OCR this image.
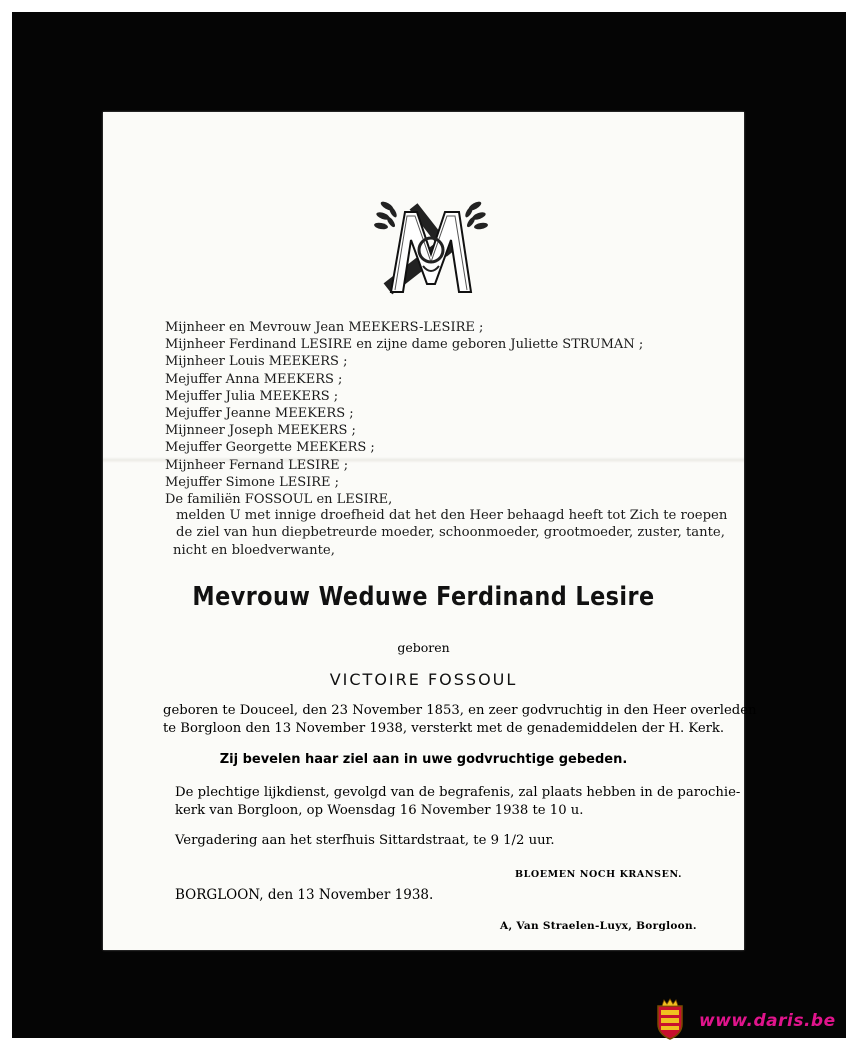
Mijnheer en Mevrouw Jean MEEKERS-LESIRE ;
Mijnheer Ferdinand LESIRE en zijne dame geboren Juliette STRUMAN ;
Mijnheer Louis MEEKERS ;
Mejuffer Anna MEEKERS ;
Mejuffer Julia MEEKERS ;
Mejuffer Jeanne MEEKERS ;
Mijnneer Joseph MEEKERS ;
Mejuffer Georgette MEEKERS ;
Mijnheer Fernand LESIRE ;
Mejuffer Simone LESIRE ;
De familiën FOSSOUL en LESIRE,
melden U met innige droefheid dat het den Heer behaagd heeft tot Zich te roepen
de ziel van hun diepbetreurde moeder, schoonmoeder, grootmoeder, zuster, tante,
nicht en bloedverwante,
Mevrouw Weduwe Ferdinand Lesire
geboren
VICTOIRE FOSSOUL
geboren te Douceel, den 23 November 1853, en zeer godvruchtig in den Heer overleden
te Borgloon den 13 November 1938, versterkt met de genademiddelen der H. Kerk.
Zij bevelen haar ziel aan in uwe godvruchtige gebeden.
De plechtige lijkdienst, gevolgd van de begrafenis, zal plaats hebben in de parochie-
kerk van Borgloon, op Woensdag 16 November 1938 te 10 u.
Vergadering aan het sterfhuis Sittardstraat, te 9 1/2 uur.
BLOEMEN NOCH KRANSEN.
BORGLOON, den 13 November 1938.
A, Van Straelen-Luyx, Borgloon.
www.daris.be
